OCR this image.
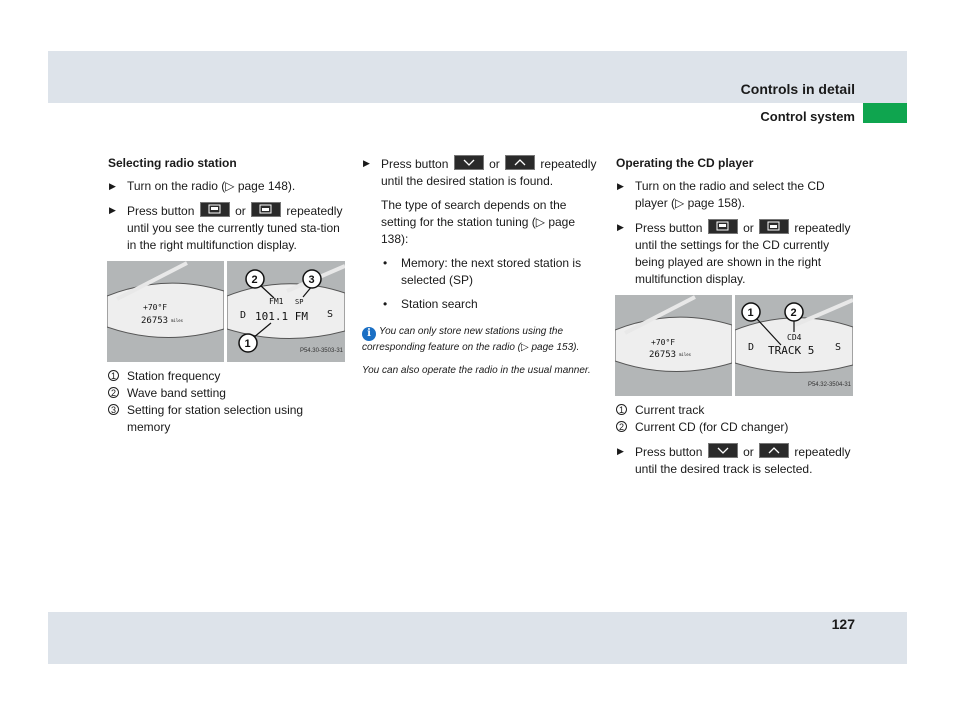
Controls in detail
Control system
Selecting radio station
▶ Turn on the radio (▷ page 148).
▶ Press button	or	repeatedly until you see the currently tuned sta-tion in the right multifunction display.
+70°F
26753 miles
FM1 SP
D 101.1 FM S
2	3
1
P54.30-3503-31
1 Station frequency
2 Wave band setting
3 Setting for station selection using memory
▶ Press button	or	repeatedly until the desired station is found.
The type of search depends on the setting for the station tuning (▷ page 138):
• Memory: the next stored station is selected (SP)
• Station search
i You can only store new stations using the corresponding feature on the radio (▷ page 153).
You can also operate the radio in the usual manner.
Operating the CD player
▶ Turn on the radio and select the CD player (▷ page 158).
▶ Press button	or	repeatedly until the settings for the CD currently being played are shown in the right multifunction display.
+70°F
26753 miles
CD4
D TRACK 5 S
1	2
P54.32-3504-31
1 Current track
2 Current CD (for CD changer)
▶ Press button	or	repeatedly until the desired track is selected.
127
